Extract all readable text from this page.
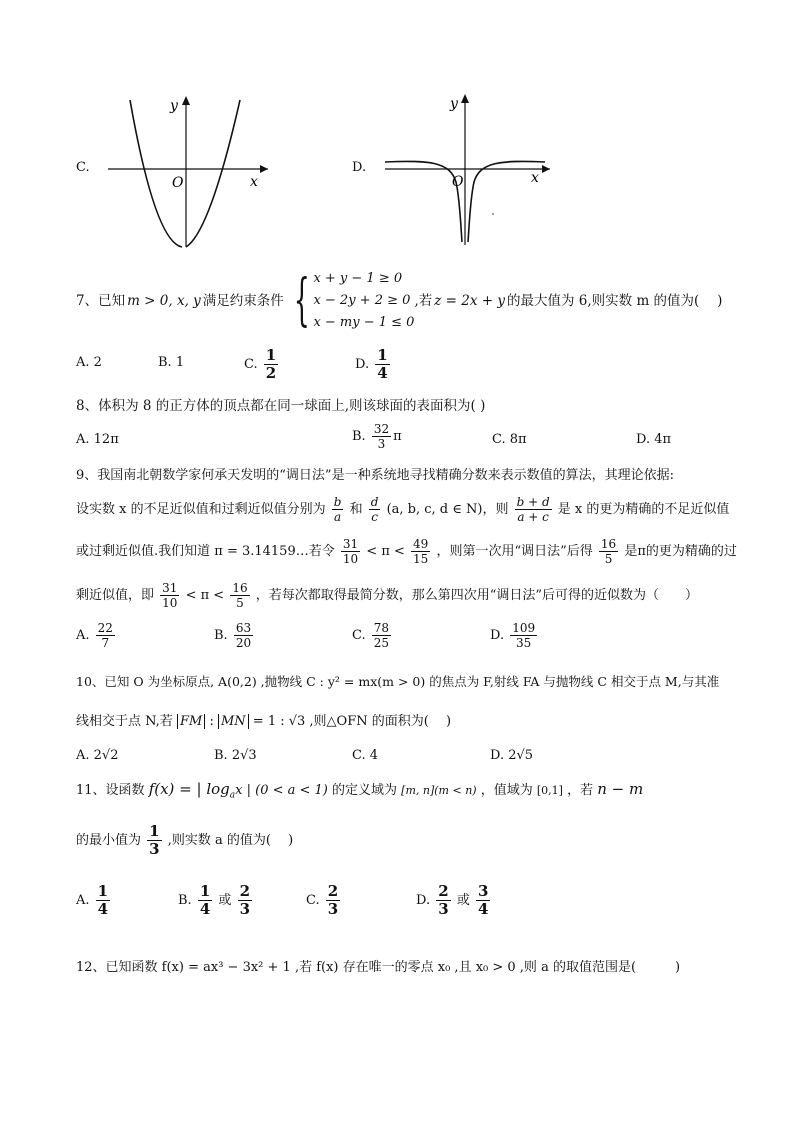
C.
y
O	x
D.
y
O	x
7、已知 m > 0, x, y 满足约束条件 { x + y − 1 ≥ 0
x − 2y + 2 ≥ 0
x − my − 1 ≤ 0
,若 z = 2x + y 的最大值为 6,则实数 m 的值为(　 )
A. 2	B. 1	C. $\frac{1}{2}$	D. $\frac{1}{4}$
8、体积为 8 的正方体的顶点都在同一球面上,则该球面的表面积为( )
A. 12π	B. $\frac{32}{3}$ π	C. 8π	D. 4π
9、我国南北朝数学家何承天发明的“调日法”是一种系统地寻找精确分数来表示数值的算法，其理论依据:
设实数 x 的不足近似值和过剩近似值分别为 $\frac{b}{a}$ 和 $\frac{d}{c} (a$, b, c, d ∈ N)，则 $\frac{b + d}{a + c}$ 是 x 的更为精确的不足近似值
或过剩近似值.我们知道 π = 3.14159…若令 $\frac{31}{10} < \pi < \frac{49}{15}$ ，则第一次用“调日法”后得 $\frac{16}{5}$ 是π的更为精确的过
剩近似值，即 $\frac{31}{10} < \pi < \frac{16}{5}$ ，若每次都取得最简分数，那么第四次用“调日法”后可得的近似数为（　　）
A. $\frac{22}{7}$	B. $\frac{63}{20}$	C. $\frac{78}{25}$	D. $\frac{109}{35}$
10、已知 O 为坐标原点, A(0,2) ,抛物线 C : y² = mx(m > 0) 的焦点为 F,射线 FA 与抛物线 C 相交于点 M,与其准
线相交于点 N,若 FM : MN = 1 : √3 ,则△OFN 的面积为(　 )
A. 2√2	B. 2√3	C. 4	D. 2√5
11、设函数 f(x) = | $\log_ax$ | (0 < a < 1) 的定义域为 [m, n](m < n) ，值域为 [0,1] ，若 n − m
的最小值为 $\frac{1}{3}$ ,则实数 a 的值为(　 )
A. $\frac{1}{4}$	B. $\frac{1}{4}$ 或 $\frac{2}{3}$	C. $\frac{2}{3}$	D. $\frac{2}{3}$ 或 $\frac{3}{4}$
12、已知函数 f(x) = ax³ − 3x² + 1 ,若 f(x) 存在唯一的零点 x₀ ,且 x₀ > 0 ,则 a 的取值范围是(　　　)
